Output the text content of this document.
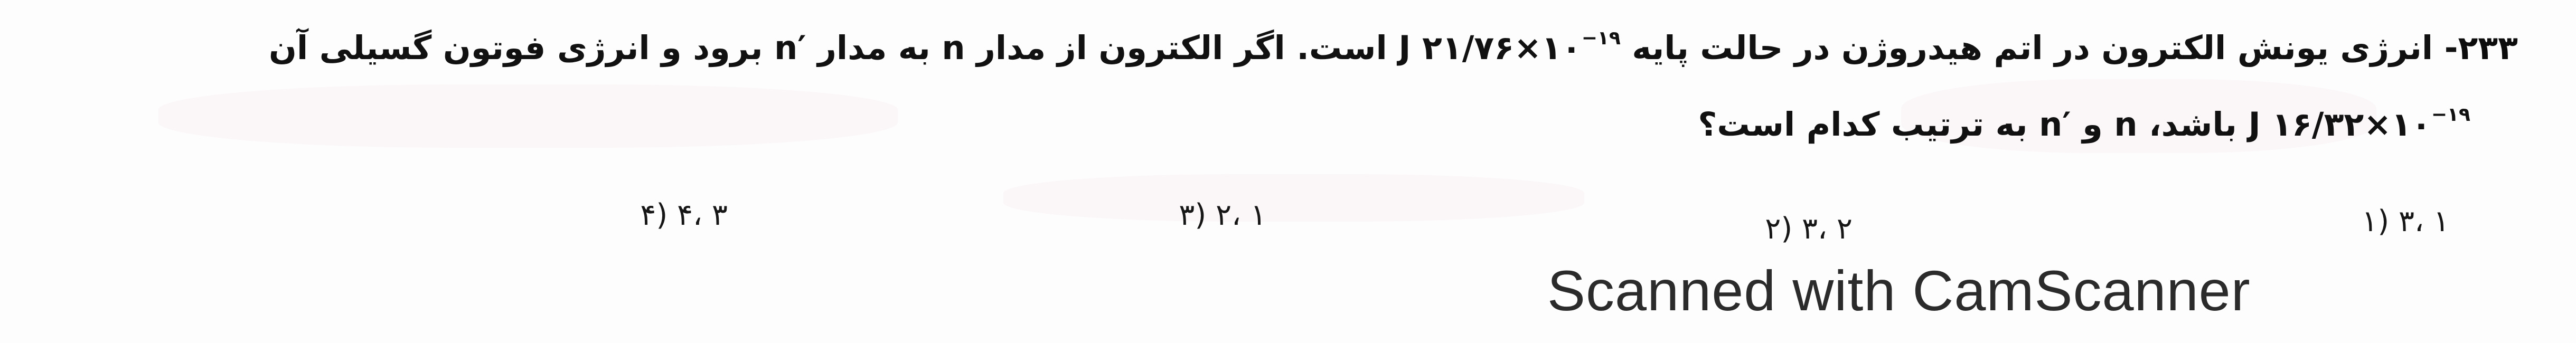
۲۳۳- انرژی یونش الکترون در اتم هیدروژن در حالت پایه J $۲۱/۷۶\times ۱۰^{-۱۹}$ است. اگر الکترون از مدار n به مدار n′ برود و انرژی فوتون گسیلی آن
J $۱۶/۳۲\times ۱۰^{-۱۹}$ باشد، n و n′ به ترتیب کدام است؟
۱) ۳، ۱
۲) ۳، ۲
۳) ۲، ۱
۴) ۴، ۳
Scanned with CamScanner
